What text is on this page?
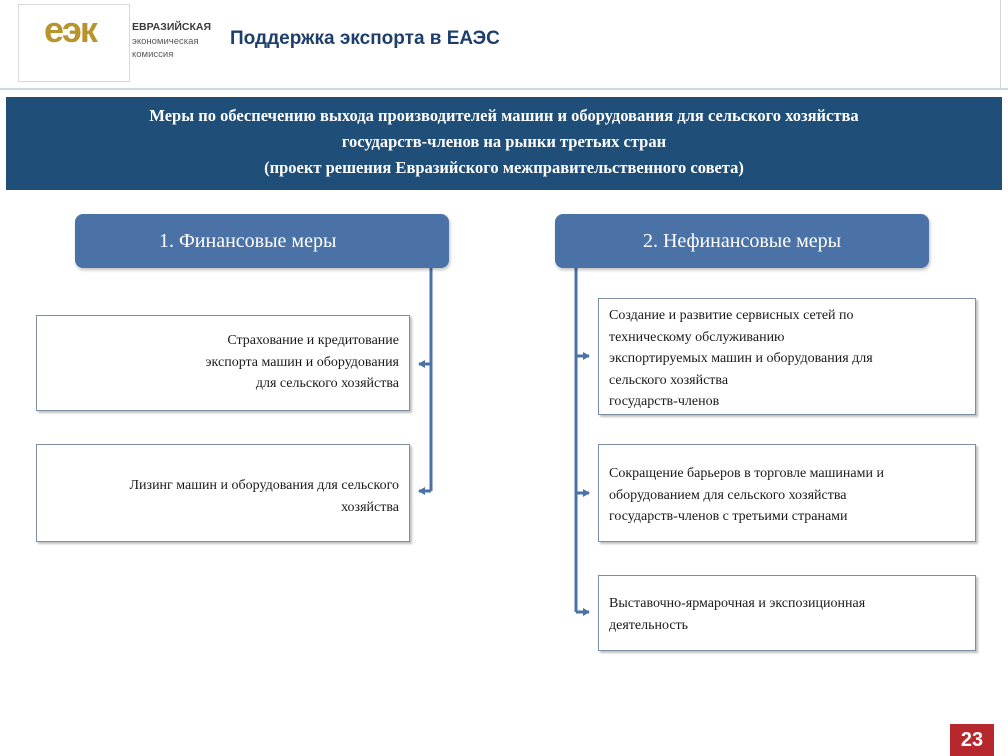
еэк	ЕВРАЗИЙСКАЯ
экономическая
комиссия
Поддержка экспорта в ЕАЭС
Меры по обеспечению выхода производителей машин и оборудования для сельского хозяйства
государств-членов на рынки третьих стран
(проект решения Евразийского межправительственного совета)
1. Финансовые меры	2. Нефинансовые меры
Страхование и кредитование
экспорта машин и оборудования
для сельского хозяйства
Лизинг машин и оборудования для сельского
хозяйства
Создание и развитие сервисных сетей по
техническому обслуживанию
экспортируемых машин и оборудования для
сельского хозяйства
государств-членов
Сокращение барьеров в торговле машинами и
оборудованием для сельского хозяйства
государств-членов с третьими странами
Выставочно-ярмарочная и экспозиционная
деятельность
23
